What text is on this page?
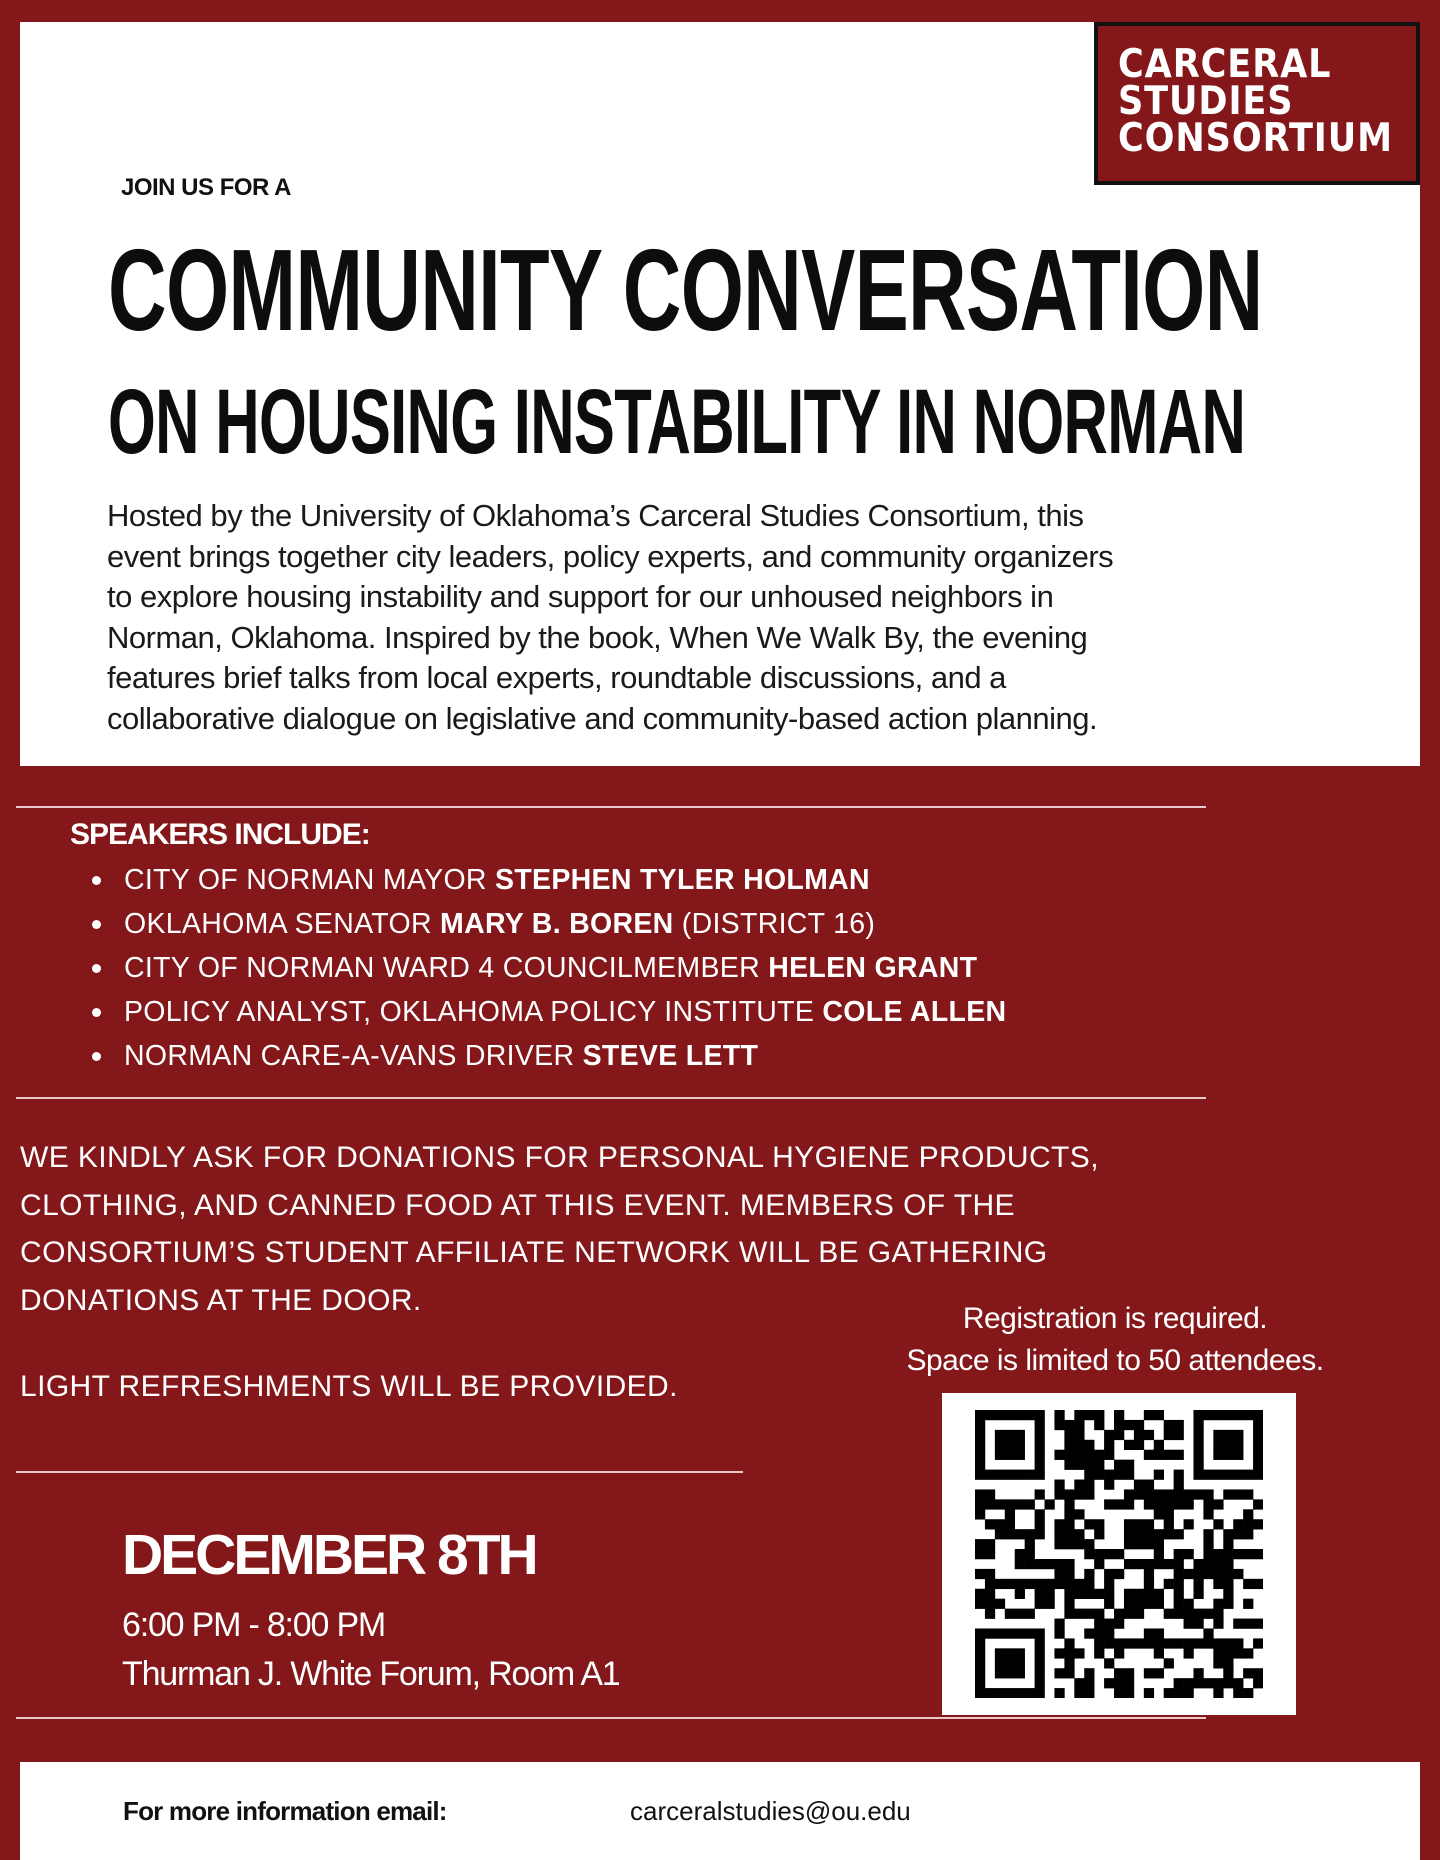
CARCERAL
STUDIES
CONSORTIUM
JOIN US FOR A
COMMUNITY CONVERSATION
ON HOUSING INSTABILITY IN NORMAN
Hosted by the University of Oklahoma’s Carceral Studies Consortium, this
event brings together city leaders, policy experts, and community organizers
to explore housing instability and support for our unhoused neighbors in
Norman, Oklahoma. Inspired by the book, When We Walk By, the evening
features brief talks from local experts, roundtable discussions, and a
collaborative dialogue on legislative and community-based action planning.
SPEAKERS INCLUDE:
CITY OF NORMAN MAYOR STEPHEN TYLER HOLMAN
OKLAHOMA SENATOR MARY B. BOREN (DISTRICT 16)
CITY OF NORMAN WARD 4 COUNCILMEMBER HELEN GRANT
POLICY ANALYST, OKLAHOMA POLICY INSTITUTE COLE ALLEN
NORMAN CARE-A-VANS DRIVER STEVE LETT
WE KINDLY ASK FOR DONATIONS FOR PERSONAL HYGIENE PRODUCTS,
CLOTHING, AND CANNED FOOD AT THIS EVENT. MEMBERS OF THE
CONSORTIUM’S STUDENT AFFILIATE NETWORK WILL BE GATHERING
DONATIONS AT THE DOOR.
LIGHT REFRESHMENTS WILL BE PROVIDED.
Registration is required.
Space is limited to 50 attendees.
DECEMBER 8TH
6:00 PM - 8:00 PM
Thurman J. White Forum, Room A1
For more information email:	carceralstudies@ou.edu
